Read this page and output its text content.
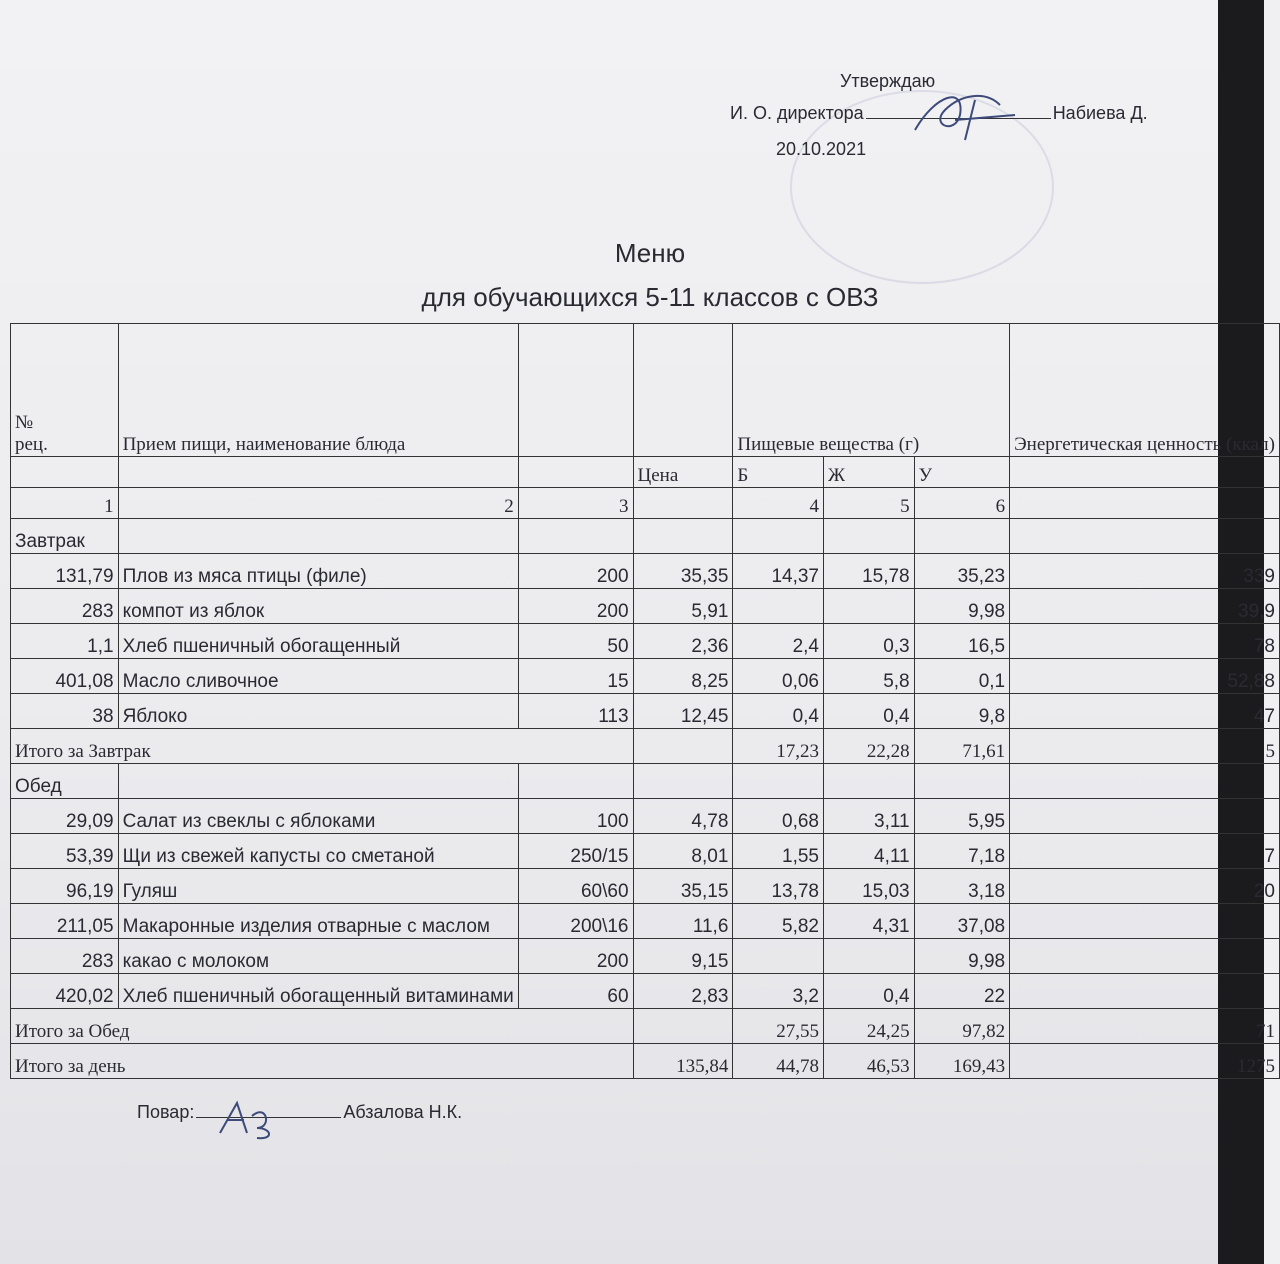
Утверждаю
И. О. директора	Набиева Д.
20.10.2021
Меню
для обучающихся 5-11 классов с ОВЗ
№
рец.	Прием пищи, наименование блюда			Пищевые вещества (г)			Энергетическая ценность (ккал)
			Цена	Б	Ж	У	
1	2	3		4	5	6	
Завтрак							
131,79	Плов из мяса птицы (филе)	200	35,35	14,37	15,78	35,23	339
283	компот из яблок	200	5,91			9,98	39,9
1,1	Хлеб пшеничный обогащенный	50	2,36	2,4	0,3	16,5	78
401,08	Масло сливочное	15	8,25	0,06	5,8	0,1	52,88
38	Яблоко	113	12,45	0,4	0,4	9,8	47
Итого за Завтрак				17,23	22,28	71,61	5
Обед							
29,09	Салат из свеклы с яблоками	100	4,78	0,68	3,11	5,95	
53,39	Щи из свежей капусты со сметаной	250/15	8,01	1,55	4,11	7,18	7
96,19	Гуляш	60\60	35,15	13,78	15,03	3,18	20
211,05	Макаронные изделия отварные с маслом	200\16	11,6	5,82	4,31	37,08	
283	какао с молоком	200	9,15			9,98	
420,02	Хлеб пшеничный обогащенный витаминами	60	2,83	3,2	0,4	22	
Итого за Обед				27,55	24,25	97,82	71
Итого за день			135,84	44,78	46,53	169,43	1275
Повар:	Абзалова Н.К.
